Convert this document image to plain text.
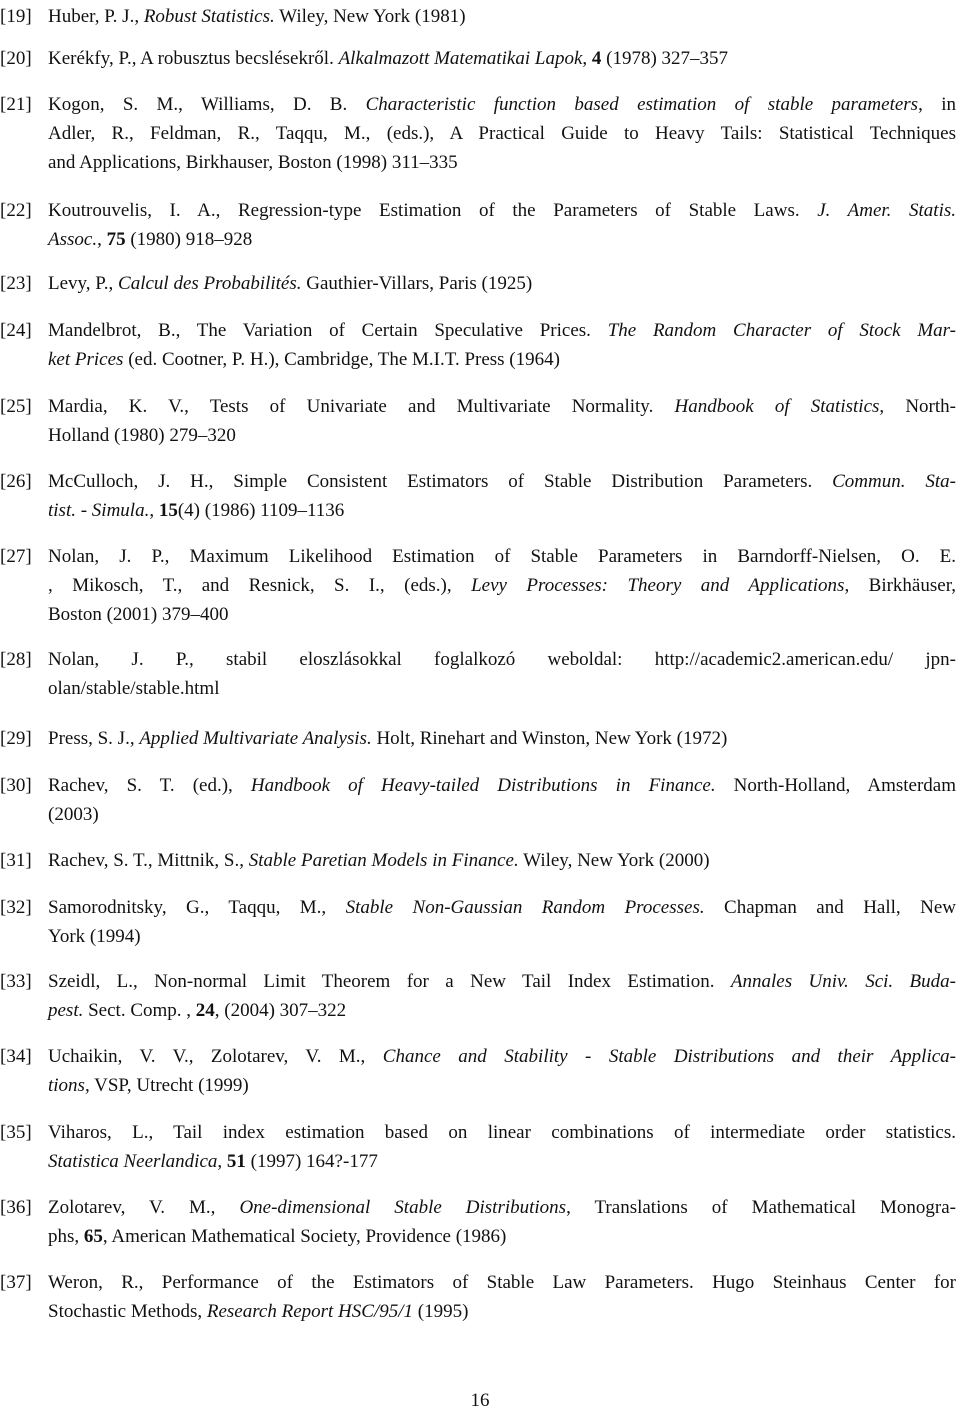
[19] Huber, P. J., Robust Statistics. Wiley, New York (1981)
[20] Kerékfy, P., A robusztus becslésekről. Alkalmazott Matematikai Lapok, 4 (1978) 327–357
[21] Kogon, S. M., Williams, D. B. Characteristic function based estimation of stable parameters, in
Adler, R., Feldman, R., Taqqu, M., (eds.), A Practical Guide to Heavy Tails: Statistical Techniques
and Applications, Birkhauser, Boston (1998) 311–335
[22] Koutrouvelis, I. A., Regression-type Estimation of the Parameters of Stable Laws. J. Amer. Statis.
Assoc., 75 (1980) 918–928
[23] Levy, P., Calcul des Probabilités. Gauthier-Villars, Paris (1925)
[24] Mandelbrot, B., The Variation of Certain Speculative Prices. The Random Character of Stock Mar-
ket Prices (ed. Cootner, P. H.), Cambridge, The M.I.T. Press (1964)
[25] Mardia, K. V., Tests of Univariate and Multivariate Normality. Handbook of Statistics, North-
Holland (1980) 279–320
[26] McCulloch, J. H., Simple Consistent Estimators of Stable Distribution Parameters. Commun. Sta-
tist. - Simula., 15(4) (1986) 1109–1136
[27] Nolan, J. P., Maximum Likelihood Estimation of Stable Parameters in Barndorff-Nielsen, O. E.
, Mikosch, T., and Resnick, S. I., (eds.), Levy Processes: Theory and Applications, Birkhäuser,
Boston (2001) 379–400
[28] Nolan, J. P., stabil eloszlásokkal foglalkozó weboldal: http://academic2.american.edu/ jpn-
olan/stable/stable.html
[29] Press, S. J., Applied Multivariate Analysis. Holt, Rinehart and Winston, New York (1972)
[30] Rachev, S. T. (ed.), Handbook of Heavy-tailed Distributions in Finance. North-Holland, Amsterdam
(2003)
[31] Rachev, S. T., Mittnik, S., Stable Paretian Models in Finance. Wiley, New York (2000)
[32] Samorodnitsky, G., Taqqu, M., Stable Non-Gaussian Random Processes. Chapman and Hall, New
York (1994)
[33] Szeidl, L., Non-normal Limit Theorem for a New Tail Index Estimation. Annales Univ. Sci. Buda-
pest. Sect. Comp. , 24, (2004) 307–322
[34] Uchaikin, V. V., Zolotarev, V. M., Chance and Stability - Stable Distributions and their Applica-
tions, VSP, Utrecht (1999)
[35] Viharos, L., Tail index estimation based on linear combinations of intermediate order statistics.
Statistica Neerlandica, 51 (1997) 164?-177
[36] Zolotarev, V. M., One-dimensional Stable Distributions, Translations of Mathematical Monogra-
phs, 65, American Mathematical Society, Providence (1986)
[37] Weron, R., Performance of the Estimators of Stable Law Parameters. Hugo Steinhaus Center for
Stochastic Methods, Research Report HSC/95/1 (1995)
16
